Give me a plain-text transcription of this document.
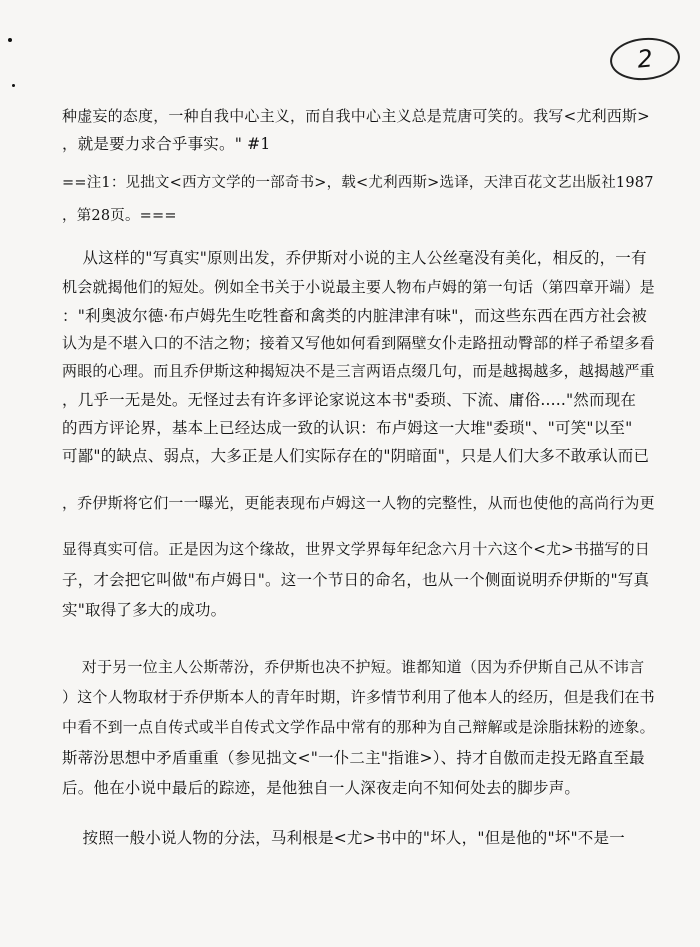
2
种虚妄的态度，一种自我中心主义，而自我中心主义总是荒唐可笑的。我写<尤利西斯>
，就是要力求合乎事实。" #1
==注1：见拙文<西方文学的一部奇书>，载<尤利西斯>选译，天津百花文艺出版社1987
，第28页。===
从这样的"写真实"原则出发，乔伊斯对小说的主人公丝毫没有美化，相反的，一有
机会就揭他们的短处。例如全书关于小说最主要人物布卢姆的第一句话（第四章开端）是
："利奥波尔德·布卢姆先生吃牲畜和禽类的内脏津津有味"，而这些东西在西方社会被
认为是不堪入口的不洁之物；接着又写他如何看到隔壁女仆走路扭动臀部的样子希望多看
两眼的心理。而且乔伊斯这种揭短决不是三言两语点缀几句，而是越揭越多，越揭越严重
，几乎一无是处。无怪过去有许多评论家说这本书"委琐、下流、庸俗....."然而现在
的西方评论界，基本上已经达成一致的认识：布卢姆这一大堆"委琐"、"可笑"以至"
可鄙"的缺点、弱点，大多正是人们实际存在的"阴暗面"，只是人们大多不敢承认而已
，乔伊斯将它们一一曝光，更能表现布卢姆这一人物的完整性，从而也使他的高尚行为更
显得真实可信。正是因为这个缘故，世界文学界每年纪念六月十六这个<尤>书描写的日
子，才会把它叫做"布卢姆日"。这一个节日的命名，也从一个侧面说明乔伊斯的"写真
实"取得了多大的成功。
对于另一位主人公斯蒂汾，乔伊斯也决不护短。谁都知道（因为乔伊斯自己从不讳言
）这个人物取材于乔伊斯本人的青年时期，许多情节利用了他本人的经历，但是我们在书
中看不到一点自传式或半自传式文学作品中常有的那种为自己辩解或是涂脂抹粉的迹象。
斯蒂汾思想中矛盾重重（参见拙文<"一仆二主"指谁>）、持才自傲而走投无路直至最
后。他在小说中最后的踪迹，是他独自一人深夜走向不知何处去的脚步声。
按照一般小说人物的分法，马利根是<尤>书中的"坏人，"但是他的"坏"不是一
